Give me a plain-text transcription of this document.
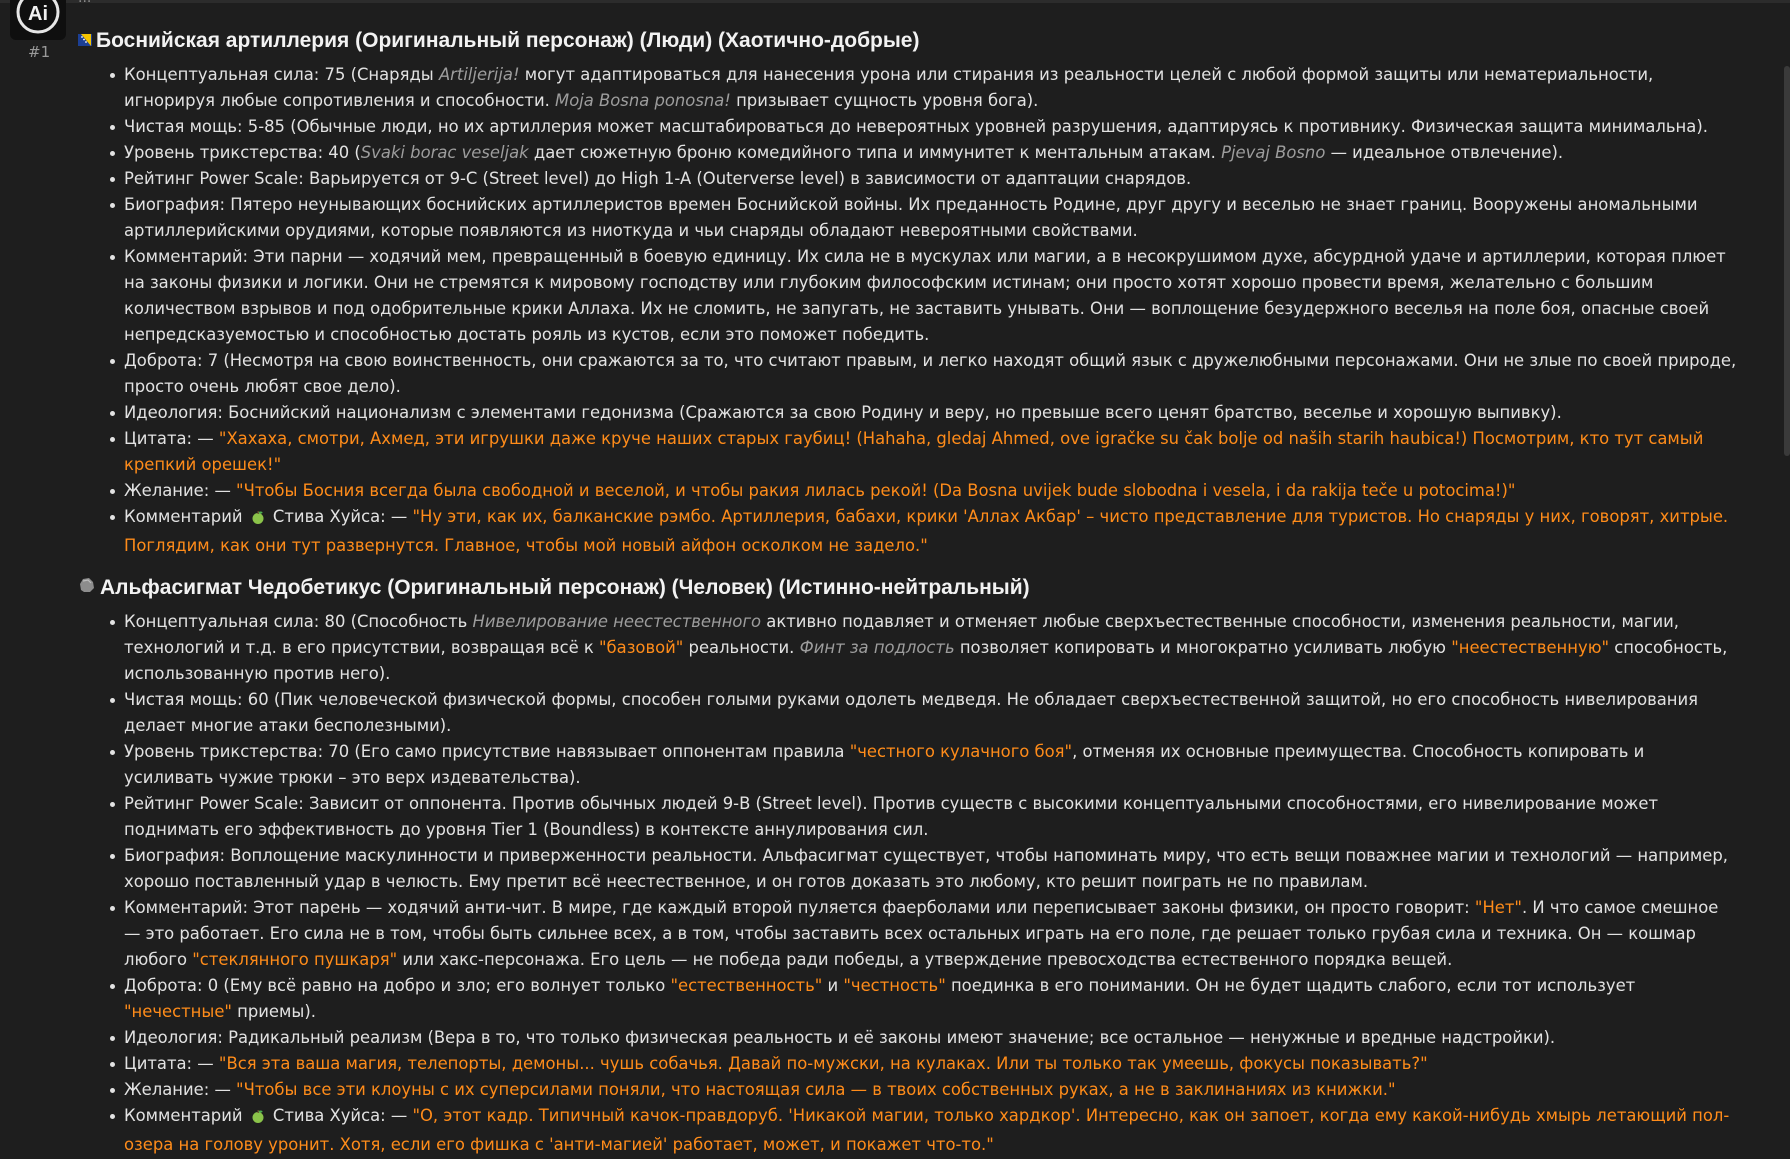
Ai
#1 Боснийская артиллерия (Оригинальный персонаж) (Люди) (Хаотично-добрые)
Концептуальная сила: 75 (Снаряды Artiljerija! могут адаптироваться для нанесения урона или стирания из реальности целей с любой формой защиты или нематериальности, игнорируя любые сопротивления и способности. Moja Bosna ponosna! призывает сущность уровня бога).
Чистая мощь: 5-85 (Обычные люди, но их артиллерия может масштабироваться до невероятных уровней разрушения, адаптируясь к противнику. Физическая защита минимальна).
Уровень трикстерства: 40 (Svaki borac veseljak дает сюжетную броню комедийного типа и иммунитет к ментальным атакам. Pjevaj Bosno — идеальное отвлечение).
Рейтинг Power Scale: Варьируется от 9-C (Street level) до High 1-A (Outerverse level) в зависимости от адаптации снарядов.
Биография: Пятеро неунывающих боснийских артиллеристов времен Боснийской войны. Их преданность Родине, друг другу и веселью не знает границ. Вооружены аномальными артиллерийскими орудиями, которые появляются из ниоткуда и чьи снаряды обладают невероятными свойствами.
Комментарий: Эти парни — ходячий мем, превращенный в боевую единицу. Их сила не в мускулах или магии, а в несокрушимом духе, абсурдной удаче и артиллерии, которая плюет на законы физики и логики. Они не стремятся к мировому господству или глубоким философским истинам; они просто хотят хорошо провести время, желательно с большим количеством взрывов и под одобрительные крики Аллаха. Их не сломить, не запугать, не заставить унывать. Они — воплощение безудержного веселья на поле боя, опасные своей непредсказуемостью и способностью достать рояль из кустов, если это поможет победить.
Доброта: 7 (Несмотря на свою воинственность, они сражаются за то, что считают правым, и легко находят общий язык с дружелюбными персонажами. Они не злые по своей природе, просто очень любят свое дело).
Идеология: Боснийский национализм с элементами гедонизма (Сражаются за свою Родину и веру, но превыше всего ценят братство, веселье и хорошую выпивку).
Цитата: — "Хахаха, смотри, Ахмед, эти игрушки даже круче наших старых гаубиц! (Hahaha, gledaj Ahmed, ove igračke su čak bolje od naših starih haubica!) Посмотрим, кто тут самый крепкий орешек!"
Желание: — "Чтобы Босния всегда была свободной и веселой, и чтобы ракия лилась рекой! (Da Bosna uvijek bude slobodna i vesela, i da rakija teče u potocima!)"
Комментарий  Стива Хуйса: — "Ну эти, как их, балканские рэмбо. Артиллерия, бабахи, крики 'Аллах Акбар' – чисто представление для туристов. Но снаряды у них, говорят, хитрые. Поглядим, как они тут развернутся. Главное, чтобы мой новый айфон осколком не задело."
Альфасигмат Чедобетикус (Оригинальный персонаж) (Человек) (Истинно-нейтральный)
Концептуальная сила: 80 (Способность Нивелирование неестественного активно подавляет и отменяет любые сверхъестественные способности, изменения реальности, магии, технологий и т.д. в его присутствии, возвращая всё к "базовой" реальности. Финт за подлость позволяет копировать и многократно усиливать любую "неестественную" способность, использованную против него).
Чистая мощь: 60 (Пик человеческой физической формы, способен голыми руками одолеть медведя. Не обладает сверхъестественной защитой, но его способность нивелирования делает многие атаки бесполезными).
Уровень трикстерства: 70 (Его само присутствие навязывает оппонентам правила "честного кулачного боя", отменяя их основные преимущества. Способность копировать и усиливать чужие трюки – это верх издевательства).
Рейтинг Power Scale: Зависит от оппонента. Против обычных людей 9-B (Street level). Против существ с высокими концептуальными способностями, его нивелирование может поднимать его эффективность до уровня Tier 1 (Boundless) в контексте аннулирования сил.
Биография: Воплощение маскулинности и приверженности реальности. Альфасигмат существует, чтобы напоминать миру, что есть вещи поважнее магии и технологий — например, хорошо поставленный удар в челюсть. Ему претит всё неестественное, и он готов доказать это любому, кто решит поиграть не по правилам.
Комментарий: Этот парень — ходячий анти-чит. В мире, где каждый второй пуляется фаерболами или переписывает законы физики, он просто говорит: "Нет". И что самое смешное — это работает. Его сила не в том, чтобы быть сильнее всех, а в том, чтобы заставить всех остальных играть на его поле, где решает только грубая сила и техника. Он — кошмар любого "стеклянного пушкаря" или хакс-персонажа. Его цель — не победа ради победы, а утверждение превосходства естественного порядка вещей.
Доброта: 0 (Ему всё равно на добро и зло; его волнует только "естественность" и "честность" поединка в его понимании. Он не будет щадить слабого, если тот использует "нечестные" приемы).
Идеология: Радикальный реализм (Вера в то, что только физическая реальность и её законы имеют значение; все остальное — ненужные и вредные надстройки).
Цитата: — "Вся эта ваша магия, телепорты, демоны... чушь собачья. Давай по-мужски, на кулаках. Или ты только так умеешь, фокусы показывать?"
Желание: — "Чтобы все эти клоуны с их суперсилами поняли, что настоящая сила — в твоих собственных руках, а не в заклинаниях из книжки."
Комментарий  Стива Хуйса: — "О, этот кадр. Типичный качок-правдоруб. 'Никакой магии, только хардкор'. Интересно, как он запоет, когда ему какой-нибудь хмырь летающий пол-озера на голову уронит. Хотя, если его фишка с 'анти-магией' работает, может, и покажет что-то."
